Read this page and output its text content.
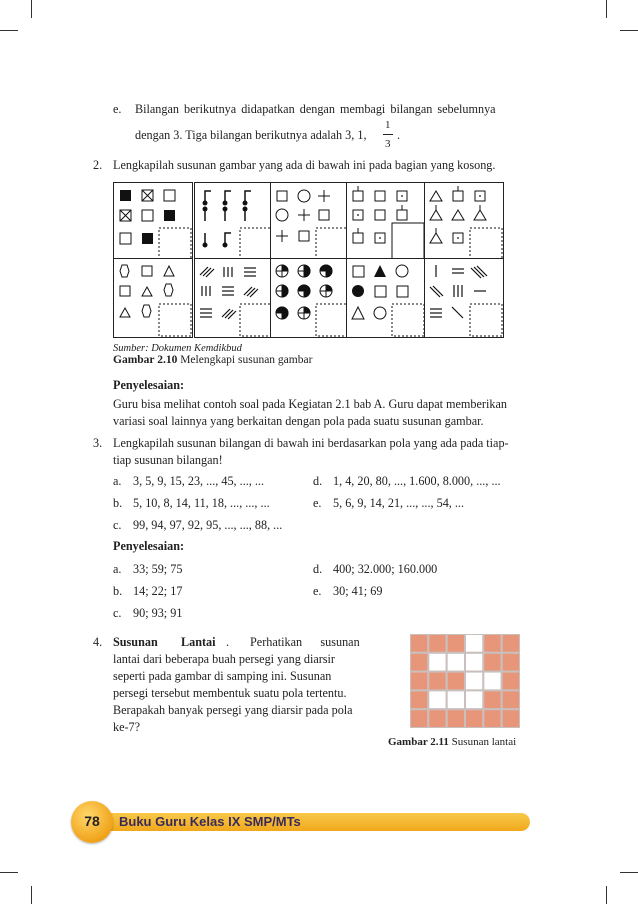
e. Bilangan berikutnya didapatkan dengan membagi bilangan sebelumnya
dengan 3. Tiga bilangan berikutnya adalah 3, 1,
1
3
.
2. Lengkapilah susunan gambar yang ada di bawah ini pada bagian yang kosong.
Sumber: Dokumen Kemdikbud
Gambar 2.10 Melengkapi susunan gambar
Penyelesaian:
Guru bisa melihat contoh soal pada Kegiatan 2.1 bab A. Guru dapat memberikan
variasi soal lainnya yang berkaitan dengan pola pada suatu susunan gambar.
3. Lengkapilah susunan bilangan di bawah ini berdasarkan pola yang ada pada tiap-
tiap susunan bilangan!
a. 3, 5, 9, 15, 23, ..., 45, ..., ...	d. 1, 4, 20, 80, ..., 1.600, 8.000, ..., ...
b. 5, 10, 8, 14, 11, 18, ..., ..., ...	e. 5, 6, 9, 14, 21, ..., ..., 54, ...
c. 99, 94, 97, 92, 95, ..., ..., 88, ...
Penyelesaian:
a. 33; 59; 75	d. 400; 32.000; 160.000
b. 14; 22; 17	e. 30; 41; 69
c. 90; 93; 91
4. Susunan Lantai . Perhatikan      susunan
lantai dari beberapa buah persegi yang diarsir
seperti pada gambar di samping ini. Susunan
persegi tersebut membentuk suatu pola tertentu.
Berapakah banyak persegi yang diarsir pada pola
ke-7?
Gambar 2.11 Susunan lantai
78	Buku Guru Kelas IX SMP/MTs
